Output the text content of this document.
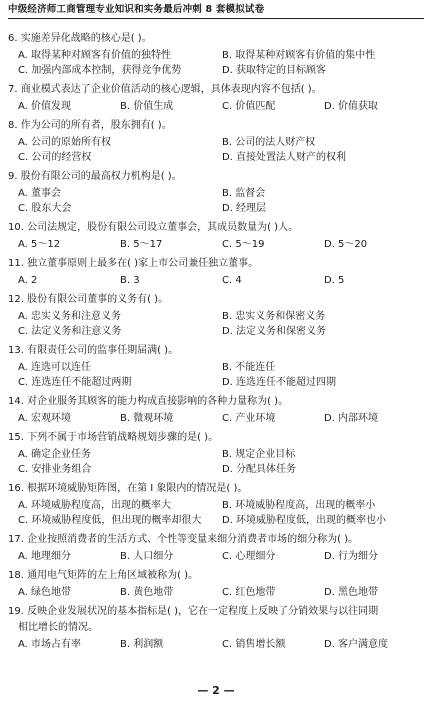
中级经济师工商管理专业知识和实务最后冲刺 8 套模拟试卷
6. 实施差异化战略的核心是( )。
A. 取得某种对顾客有价值的独特性	B. 取得某种对顾客有价值的集中性
C. 加强内部成本控制，获得竞争优势	D. 获取特定的目标顾客
7. 商业模式表达了企业价值活动的核心逻辑，具体表现内容不包括( )。
A. 价值发现	B. 价值生成	C. 价值匹配	D. 价值获取
8. 作为公司的所有者，股东拥有( )。
A. 公司的原始所有权	B. 公司的法人财产权
C. 公司的经营权	D. 直接处置法人财产的权利
9. 股份有限公司的最高权力机构是( )。
A. 董事会	B. 监督会
C. 股东大会	D. 经理层
10. 公司法规定，股份有限公司设立董事会，其成员数量为( )人。
A. 5～12	B. 5～17	C. 5～19	D. 5～20
11. 独立董事原则上最多在( )家上市公司兼任独立董事。
A. 2	B. 3	C. 4	D. 5
12. 股份有限公司董事的义务有( )。
A. 忠实义务和注意义务	B. 忠实义务和保密义务
C. 法定义务和注意义务	D. 法定义务和保密义务
13. 有限责任公司的监事任期届满( )。
A. 连选可以连任	B. 不能连任
C. 连选连任不能超过两期	D. 连选连任不能超过四期
14. 对企业服务其顾客的能力构成直接影响的各种力量称为( )。
A. 宏观环境	B. 微观环境	C. 产业环境	D. 内部环境
15. 下列不属于市场营销战略规划步骤的是( )。
A. 确定企业任务	B. 规定企业目标
C. 安排业务组合	D. 分配具体任务
16. 根据环境威胁矩阵图，在第 I 象限内的情况是( )。
A. 环境威胁程度高，出现的概率大	B. 环境威胁程度高，出现的概率小
C. 环境威胁程度低，但出现的概率却很大	D. 环境威胁程度低，出现的概率也小
17. 企业按照消费者的生活方式、个性等变量来细分消费者市场的细分称为( )。
A. 地理细分	B. 人口细分	C. 心理细分	D. 行为细分
18. 通用电气矩阵的左上角区域被称为( )。
A. 绿色地带	B. 黄色地带	C. 红色地带	D. 黑色地带
19. 反映企业发展状况的基本指标是( )，它在一定程度上反映了分销效果与以往同期
相比增长的情况。
A. 市场占有率	B. 利润额	C. 销售增长额	D. 客户满意度
— 2 —
